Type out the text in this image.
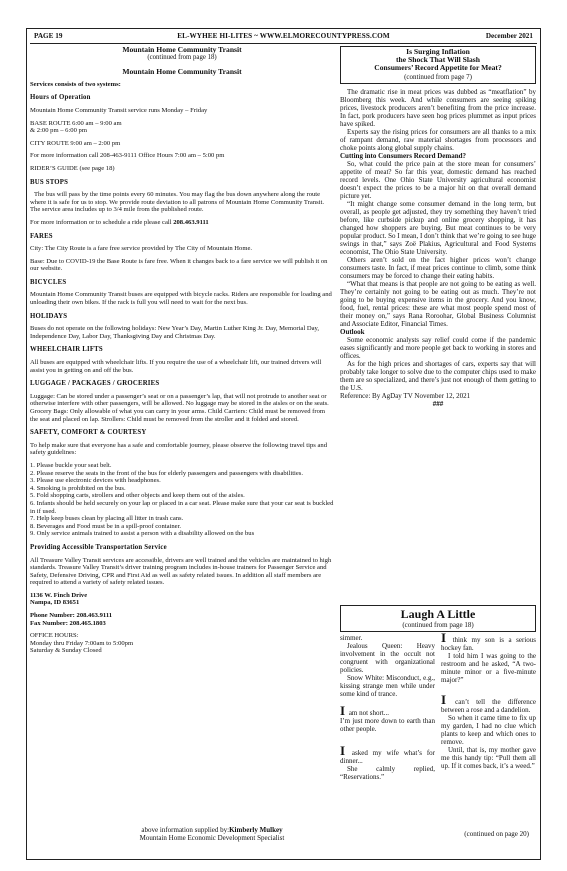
PAGE 19	EL-WYHEE HI-LITES ~ WWW.ELMORECOUNTYPRESS.COM	December 2021

Mountain Home Community Transit

(continued from page 18)

Mountain Home Community Transit

Services consists of two systems:

Hours of Operation

Mountain Home Community Transit service runs Monday – Friday

BASE ROUTE 6:00 am – 9:00 am

& 2:00 pm – 6:00 pm

CITY ROUTE 9:00 am – 2:00 pm

For more information call 208-463-9111 Office Hours 7:00 am – 5:00 pm

RIDER’S GUIDE (see page 18)

BUS STOPS

The bus will pass by the time points every 60 minutes. You may flag the bus down anywhere along the route where it is safe for us to stop. We provide route deviation to all patrons of Mountain Home Community Transit. The service area includes up to 3/4 mile from the published route.

For more information or to schedule a ride please call 208.463.9111

FARES

City: The City Route is a fare free service provided by The City of Mountain Home.

Base: Due to COVID-19 the Base Route is fare free. When it changes back to a fare service we will publish it on our website.

BICYCLES

Mountain Home Community Transit buses are equipped with bicycle racks. Riders are responsible for loading and unloading their own bikes. If the rack is full you will need to wait for the next bus.

HOLIDAYS

Buses do not operate on the following holidays: New Year’s Day, Martin Luther King Jr. Day, Memorial Day, Independence Day, Labor Day, Thanksgiving Day and Christmas Day.

WHEELCHAIR LIFTS

All buses are equipped with wheelchair lifts. If you require the use of a wheelchair lift, our trained drivers will assist you in getting on and off the bus.

LUGGAGE / PACKAGES / GROCERIES

Luggage: Can be stored under a passenger’s seat or on a passenger’s lap, that will not protrude to another seat or otherwise interfere with other passengers, will be allowed. No luggage may be stored in the aisles or on the seats. Grocery Bags: Only allowable of what you can carry in your arms. Child Carriers: Child must be removed from the seat and placed on lap. Strollers: Child must be removed from the stroller and it folded and stored.

SAFETY, COMFORT & COURTESY

To help make sure that everyone has a safe and comfortable journey, please observe the following travel tips and safety guidelines:

1. Please buckle your seat belt.

2. Please reserve the seats in the front of the bus for elderly passengers and passengers with disabilities.

3. Please use electronic devices with headphones.

4. Smoking is prohibited on the bus.

5. Fold shopping carts, strollers and other objects and keep them out of the aisles.

6. Infants should be held securely on your lap or placed in a car seat. Please make sure that your car seat is buckled in if used.

7. Help keep buses clean by placing all litter in trash cans.

8. Beverages and Food must be in a spill-proof container.

9. Only service animals trained to assist a person with a disability allowed on the bus

Providing Accessible Transportation Service

All Treasure Valley Transit services are accessible, drivers are well trained and the vehicles are maintained to high standards. Treasure Valley Transit’s driver training program includes in-house trainers for Passenger Service and Safety, Defensive Driving, CPR and First Aid as well as safety related issues. In addition all staff members are required to attend a variety of safety related issues.

1136 W. Finch Drive

Nampa, ID 83651

Phone Number: 208.463.9111

Fax Number: 208.465.1803

OFFICE HOURS:

Monday thru Friday 7:00am to 5:00pm

Saturday & Sunday Closed

Is Surging Inflation
the Shock That Will Slash
Consumers’ Record Appetite for Meat?
(continued from page 7)

The dramatic rise in meat prices was dubbed as “meatflation” by Bloomberg this week. And while consumers are seeing spiking prices, livestock producers aren’t benefiting from the price increase. In fact, pork producers have seen hog prices plummet as input prices have spiked.

Experts say the rising prices for consumers are all thanks to a mix of rampant demand, raw material shortages from processors and choke points along global supply chains.

Cutting into Consumers Record Demand?

So, what could the price pain at the store mean for consumers’ appetite of meat? So far this year, domestic demand has reached record levels. One Ohio State University agricultural economist doesn’t expect the prices to be a major hit on that overall demand picture yet.

“It might change some consumer demand in the long term, but overall, as people get adjusted, they try something they haven’t tried before, like curbside pickup and online grocery shopping, it has changed how shoppers are buying. But meat continues to be very popular product. So I mean, I don’t think that we’re going to see huge swings in that,” says Zoë Plakius, Agricultural and Food Systems economist, The Ohio State University.

Others aren’t sold on the fact higher prices won’t change consumers taste. In fact, if meat prices continue to climb, some think consumers may be forced to change their eating habits.

“What that means is that people are not going to be eating as well. They’re certainly not going to be eating out as much. They’re not going to be buying expensive items in the grocery. And you know, food, fuel, rental prices: these are what most people spend most of their money on,” says Rana Roroohar, Global Business Columnist and Associate Editor, Financial Times.

Outlook

Some economic analysts say relief could come if the pandemic eases significantly and more people get back to working in stores and offices.

As for the high prices and shortages of cars, experts say that will probably take longer to solve due to the computer chips used to make them are so specialized, and there’s just not enough of them getting to the U.S.

Reference: By AgDay TV November 12, 2021

###

Laugh A Little
(continued from page 18)

simmer.

Jealous Queen: Heavy involvement in the occult not congruent with organizational policies.

Snow White: Misconduct, e.g., kissing strange men while under some kind of trance.

I am not short...

I’m just more down to earth than other people.

I asked my wife what’s for dinner...

She calmly replied, “Reservations.”

I think my son is a serious hockey fan.

I told him I was going to the restroom and he asked, “A two-minute minor or a five-minute major?”

I can’t tell the difference between a rose and a dandelion.

So when it came time to fix up my garden, I had no clue which plants to keep and which ones to remove.

Until, that is, my mother gave me this handy tip: “Pull them all up. If it comes back, it’s a weed.”

above information supplied by:Kimberly Mulkey
Mountain Home Economic Development Specialist	(continued on page 20)
